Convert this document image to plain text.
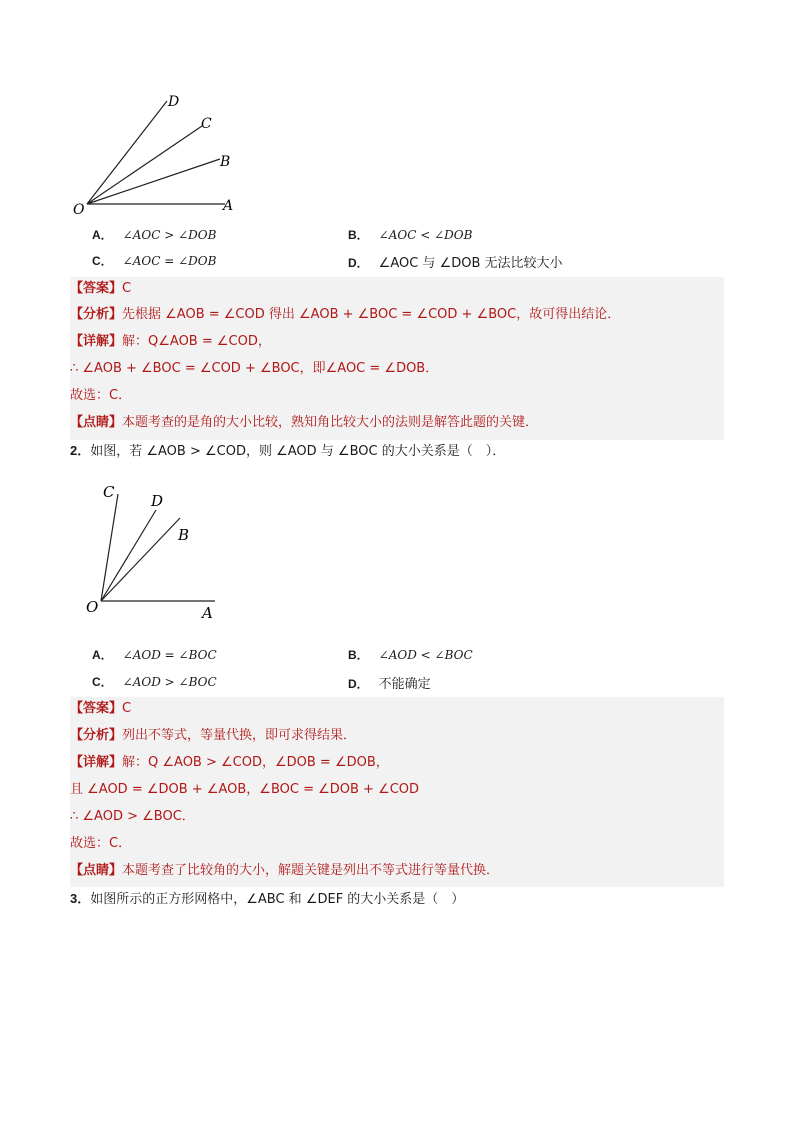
D
C
B
O	A
A． ∠AOC > ∠DOB	B． ∠AOC < ∠DOB
C． ∠AOC = ∠DOB	D． ∠AOC 与 ∠DOB 无法比较大小
【答案】C
【分析】先根据 ∠AOB = ∠COD 得出 ∠AOB + ∠BOC = ∠COD + ∠BOC，故可得出结论．
【详解】解：Q∠AOB = ∠COD，
∴ ∠AOB + ∠BOC = ∠COD + ∠BOC，即∠AOC = ∠DOB．
故选：C．
【点睛】本题考查的是角的大小比较，熟知角比较大小的法则是解答此题的关键．
2．如图，若 ∠AOB > ∠COD，则 ∠AOD 与 ∠BOC 的大小关系是（　）．
C D
B
O	A
A． ∠AOD = ∠BOC	B． ∠AOD < ∠BOC
C． ∠AOD > ∠BOC	D． 不能确定
【答案】C
【分析】列出不等式，等量代换，即可求得结果．
【详解】解：Q ∠AOB > ∠COD，∠DOB = ∠DOB，
且 ∠AOD = ∠DOB + ∠AOB，∠BOC = ∠DOB + ∠COD
∴ ∠AOD > ∠BOC．
故选：C．
【点睛】本题考查了比较角的大小，解题关键是列出不等式进行等量代换．
3．如图所示的正方形网格中，∠ABC 和 ∠DEF 的大小关系是（　）
